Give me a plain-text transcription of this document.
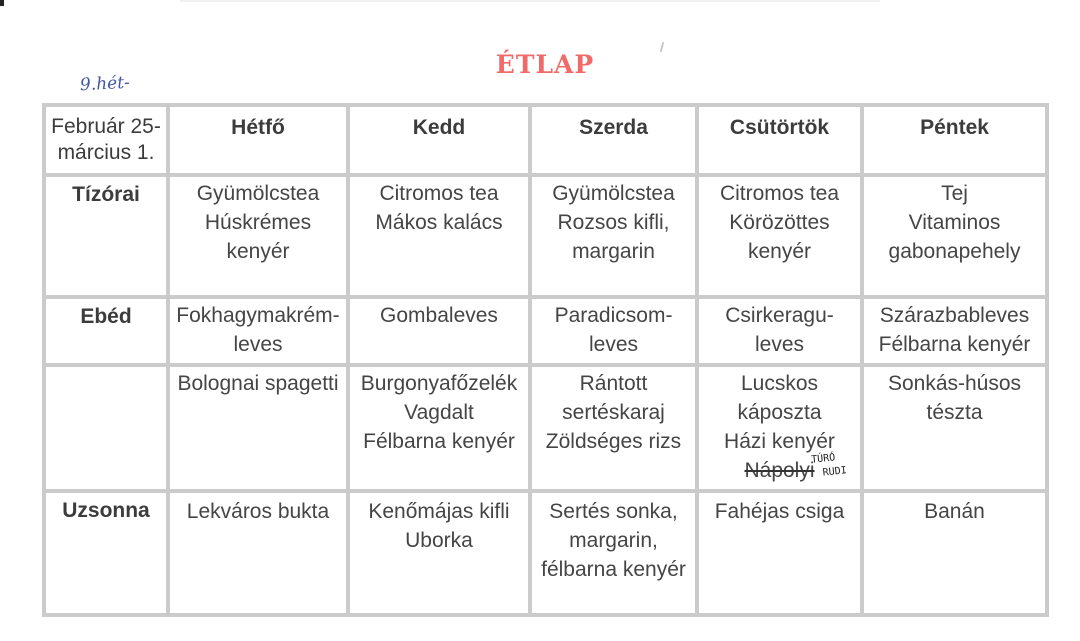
ÉTLAP
9.hét-
Február 25-
március 1.	Hétfő	Kedd	Szerda	Csütörtök	Péntek
Tízórai	Gyümölcstea
Húskrémes
kenyér	Citromos tea
Mákos kalács	Gyümölcstea
Rozsos kifli,
margarin	Citromos tea
Körözöttes
kenyér	Tej
Vitaminos
gabonapehely

Ebéd	Fokhagymakrém-
leves	Gombaleves	Paradicsom-
leves	Csirkeragu-
leves	Szárazbableves
Félbarna kenyér

	Bolognai spagetti	Burgonyafőzelék
Vagdalt
Félbarna kenyér	Rántott
sertéskaraj
Zöldséges rizs	Lucskos
káposzta
Házi kenyér
Nápolyi	Sonkás-húsos
tészta

Uzsonna	Lekváros bukta	Kenőmájas kifli
Uborka	Sertés sonka,
margarin,
félbarna kenyér	Fahéjas csiga	Banán
TÚRÓ
RUDI
